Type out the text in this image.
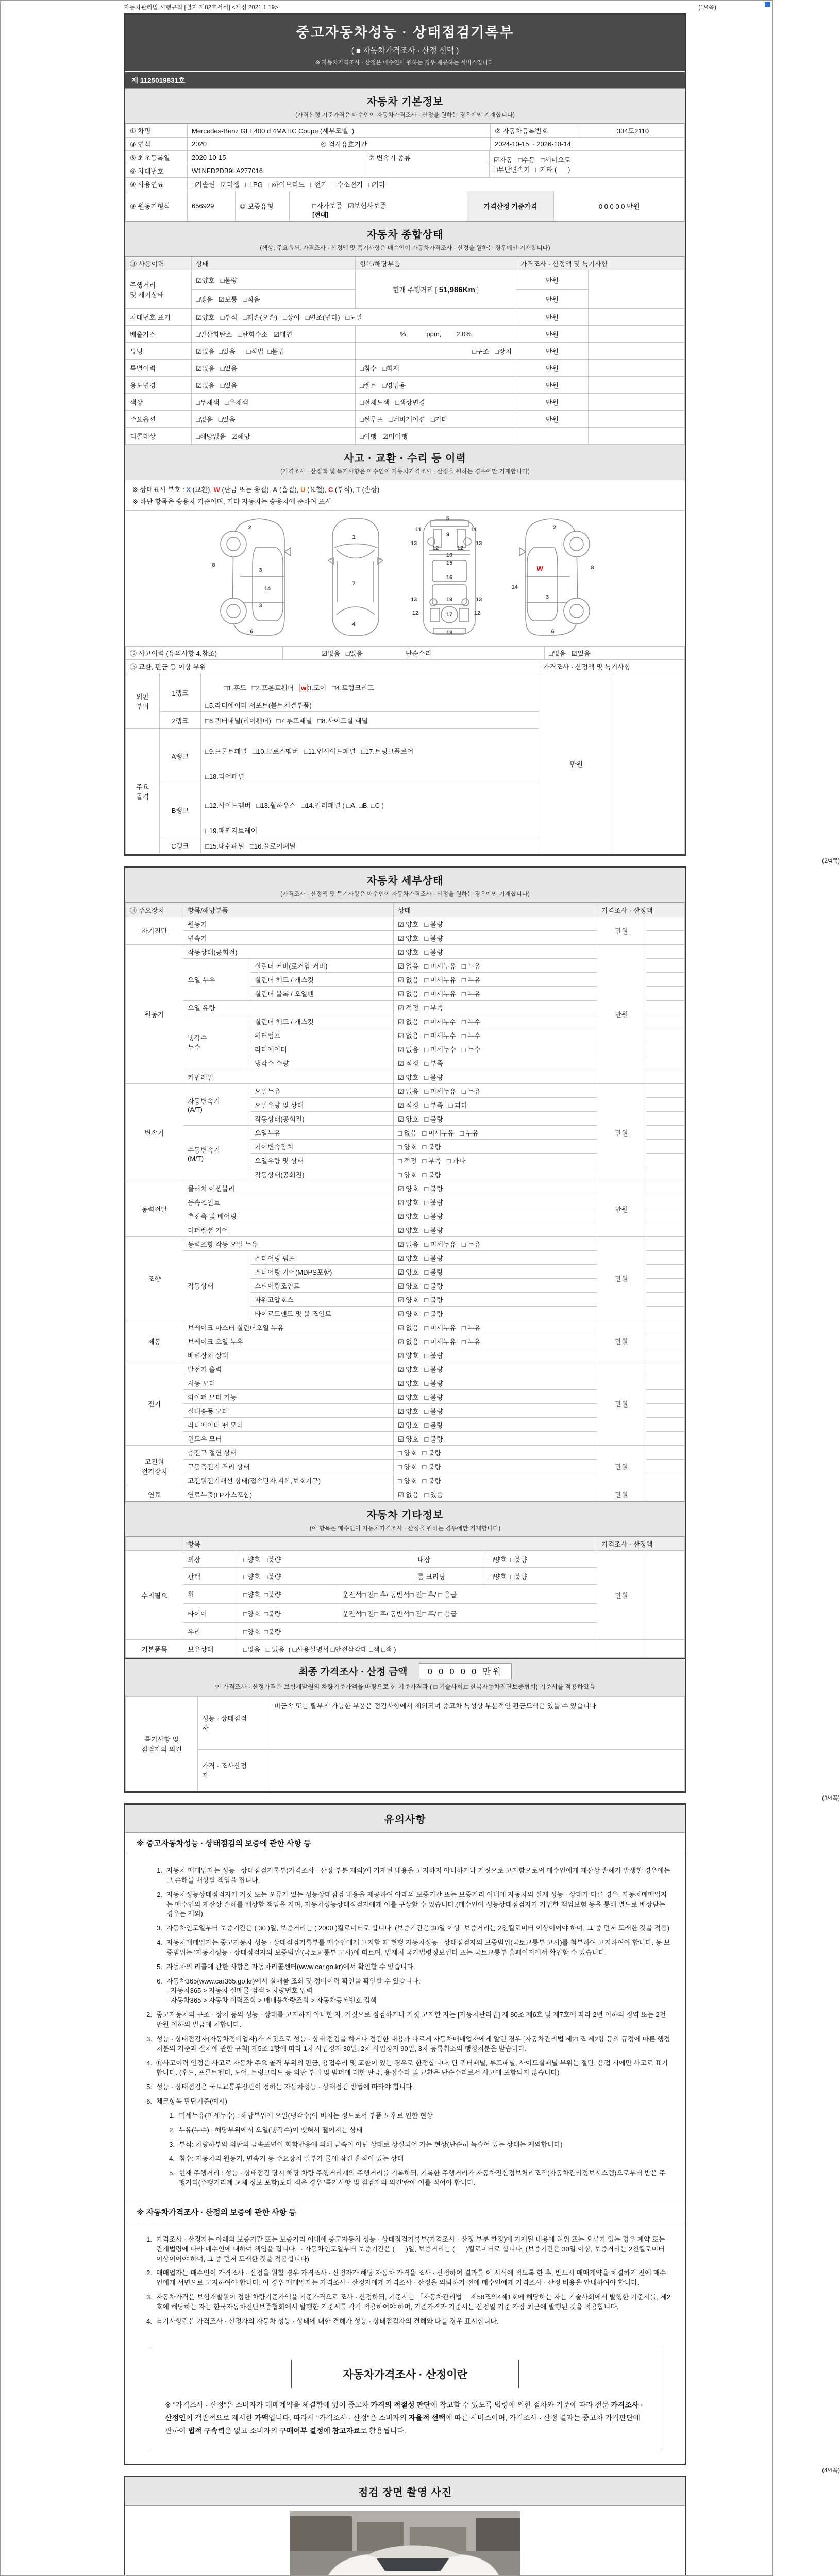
자동차관리법 시행규칙 [별지 제82호서식] <개정 2021.1.19>	(1/4쪽)
중고자동차성능 · 상태점검기록부
( ■ 자동차가격조사 · 산정 선택 )
※ 자동차가격조사 · 산정은 매수인이 원하는 경우 제공하는 서비스입니다.
제 1125019831호
자동차 기본정보
(가격산정 기준가격은 매수인이 자동차가격조사 · 산정을 원하는 경우에만 기재합니다)
① 차명	Mercedes-Benz GLE400 d 4MATIC Coupe (세부모델: )	② 자동차등록번호	334도2110
③ 연식	2020	④ 검사유효기간	2024-10-15 ~ 2026-10-14
⑤ 최초등록일	2020-10-15	⑦ 변속기 종류	☑자동   □수동   □세미오토
□무단변속기   □기타 (      )
⑥ 차대번호	W1NFD2DB9LA277016		
⑧ 사용연료	□가솔린   ☑디젤   □LPG   □하이브리드   □전기   □수소전기   □기타
⑨ 원동기형식	656929	⑩ 보증유형	□자가보증   ☑보험사보증
[현대]	가격산정 기준가격	0 0 0 0 0 만원
자동차 종합상태
(색상, 주요옵션, 가격조사 · 산정액 및 특기사항은 매수인이 자동차가격조사 · 산정을 원하는 경우에만 기재합니다)
⑪ 사용이력	상태	항목/해당부품	가격조사 · 산정액 및 특기사항	
주행거리
및 계기상태	☑양호   □불량	현재 주행거리 [ 51,986Km ]	만원	
	□많음   ☑보통   □적음		만원	
차대번호 표기	☑양호   □부식   □훼손(오손)   □상이   □변조(변타)   □도말		만원	
배출가스	□일산화탄소   □탄화수소   ☑매연	%,          ppm,        2.0%	만원	
튜닝	☑없음  □있음      □적법  □불법	□구조   □장치	만원	
특별이력	☑없음   □있음	□침수   □화재	만원	
용도변경	☑없음   □있음	□렌트   □영업용	만원	
색상	□무채색   □유채색	□전체도색   □색상변경	만원	
주요옵션	□없음   □있음	□썬루프   □네비게이션   □기타	만원	
리콜대상	□해당없음   ☑해당	□이행   ☑미이행		
사고 · 교환 · 수리 등 이력
(가격조사 · 산정액 및 특기사항은 매수인이 자동차가격조사 · 산정을 원하는 경우에만 기재합니다)
※ 상태표시 부호 : X (교환), W (판금 또는 용접), A (흠집), U (요철), C (부식), T (손상)
※ 하단 항목은 승용차 기준이며, 기타 자동차는 승용차에 준하여 표시
2
8
3
14
3
6
1
7
4
5
11	11
9
13	13
12	12
10
15
16
19
13	13
12	12
17
18
2
W	8
14
3
6
⑫ 사고이력 (유의사항 4.참조)	☑없음   □있음	단순수리	□없음   ☑있음
⑬ 교환, 판금 등 이상 부위			가격조사 · 산정액 및 특기사항	
외판
부위	1랭크	□1.후드   □2.프론트휀더   w 3.도어   □4.트렁크리드

□5.라디에이터 서포트(볼트체결부품)	만원	
	2랭크	□6.쿼터패널(리어휀더)   □7.루프패널   □8.사이드실 패널		
주요
골격	A랭크	

□9.프론트패널   □10.크로스멤버   □11.인사이드패널   □17.트렁크플로어

□18.리어패널

	B랭크	□12.사이드멤버   □13.휠하우스   □14.필러패널 ( □A, □B, □C )

□19.패키지트레이		

	C랭크	□15.대쉬패널   □16.플로어패널		
(2/4쪽)
자동차 세부상태
(가격조사 · 산정액 및 특기사항은 매수인이 자동차가격조사 · 산정을 원하는 경우에만 기재합니다)
⑭ 주요장치	항목/해당부품		상태	가격조사 · 산정액	
자기진단	원동기		☑ 양호   □ 불량	만원	
	변속기		☑ 양호   □ 불량		
원동기	작동상태(공회전)		☑ 양호   □ 불량	만원	
	오일 누유	실린더 커버(로커암 커버)	☑ 없음   □ 미세누유   □ 누유		
		실린더 헤드 / 개스킷	☑ 없음   □ 미세누유   □ 누유		
		실린더 블록 / 오일팬	☑ 없음   □ 미세누유   □ 누유		
	오일 유량		☑ 적정   □ 부족		
	냉각수
누수	실린더 헤드 / 개스킷	☑ 없음   □ 미세누수   □ 누수		
		워터펌프	☑ 없음   □ 미세누수   □ 누수		
		라디에이터	☑ 없음   □ 미세누수   □ 누수		
		냉각수 수량	☑ 적정   □ 부족		
	커먼레일		☑ 양호   □ 불량		
변속기	자동변속기
(A/T)	오일누유	☑ 없음   □ 미세누유   □ 누유	만원	
		오일유량 및 상태	☑ 적정   □ 부족   □ 과다		
		작동상태(공회전)	☑ 양호   □ 불량		
	수동변속기
(M/T)	오일누유	□ 없음   □ 미세누유   □ 누유		
		기어변속장치	□ 양호   □ 불량		
		오일유량 및 상태	□ 적정   □ 부족   □ 과다		
		작동상태(공회전)	□ 양호   □ 불량		
동력전달	클러치 어셈블리		☑ 양호   □ 불량	만원	
	등속조인트		☑ 양호   □ 불량		
	추진축 및 베어링		☑ 양호   □ 불량		
	디퍼렌셜 기어		☑ 양호   □ 불량		
조향	동력조향 작동 오일 누유		☑ 없음   □ 미세누유   □ 누유	만원	
	작동상태	스티어링 펌프	☑ 양호   □ 불량		
		스티어링 기어(MDPS포함)	☑ 양호   □ 불량		
		스티어링조인트	☑ 양호   □ 불량		
		파워고압호스	☑ 양호   □ 불량		
		타이로드엔드 및 볼 조인트	☑ 양호   □ 불량		
제동	브레이크 마스터 실린더오일 누유		☑ 없음   □ 미세누유   □ 누유	만원	
	브레이크 오일 누유		☑ 없음   □ 미세누유   □ 누유		
	배력장치 상태		☑ 양호   □ 불량		
전기	발전기 출력		☑ 양호   □ 불량	만원	
	시동 모터		☑ 양호   □ 불량		
	와이퍼 모터 기능		☑ 양호   □ 불량		
	실내송풍 모터		☑ 양호   □ 불량		
	라디에이터 팬 모터		☑ 양호   □ 불량		
	윈도우 모터		☑ 양호   □ 불량		
고전원
전기장치	충전구 절연 상태		□ 양호   □ 불량	만원	
	구동축전지 격리 상태		□ 양호   □ 불량		
	고전원전기배선 상태(접속단자,피복,보호기구)		□ 양호   □ 불량		
연료	연료누출(LP가스포함)		☑ 없음   □ 있음	만원	
자동차 기타정보
(이 항목은 매수인이 자동차가격조사 · 산정을 원하는 경우에만 기재합니다)
	항목					가격조사 · 산정액	
수리필요	외장	□양호  □불량		내장	□양호  □불량	만원	
	광택	□양호  □불량		룸 크리닝	□양호  □불량		
	휠	□양호  □불량	운전석□ 전□ 후/ 동반석□ 전□ 후/ □ 응급				
	타이어	□양호  □불량	운전석□ 전□ 후/ 동반석□ 전□ 후/ □ 응급				
	유리	□양호  □불량					
기본품목	보유상태	□없음   □ 있음  ( □사용설명서 □안전삼각대 □잭 □잭 )					
최종 가격조사 · 산정 금액 0 0 0 0 0 만원
이 가격조사 · 산정가격은 보험개발원의 차량기준가액을 바탕으로 한 기준가격과 ( □ 기술사회,□ 한국자동차진단보증협회) 기준서를 적용하였음
특기사항 및
점검자의 의견	성능 · 상태점검
자	비금속 또는 탈부착 가능한 부품은 점검사항에서 제외되며 중고차 특성상 부분적인 판금도색은 있을 수 있습니다.
	가격 · 조사산정
자	
(3/4쪽)
유의사항
※ 중고자동차성능 · 상태점검의 보증에 관한 사항 등
1. 자동차 매매업자는 성능 · 상태점검기록부(가격조사 · 산정 부분 제외)에 기재된 내용을 고지하지 아니하거나 거짓으로 고지함으로써 매수인에게 재산상 손해가 발생한 경우에는 그 손해를 배상할 책임을 집니다.
2. 자동차성능상태점검자가 거짓 또는 오류가 있는 성능상태점검 내용을 제공하여 아래의 보증기간 또는 보증거리 이내에 자동차의 실제 성능 · 상태가 다른 경우, 자동차매매업자는 매수인의 재산상 손해를 배상할 책임을 지며, 자동차성능상태점검자에게 이를 구상할 수 있습니다.(매수인이 성능상태점검자가 가입한 책임보험 등을 통해 별도로 배상받는 경우는 제외)
3. 자동차인도일부터 보증기간은 ( 30 )일, 보증거리는 ( 2000 )킬로미터로 합니다. (보증기간은 30일 이상, 보증거리는 2천킬로미터 이상이어야 하며, 그 중 먼저 도래한 것을 적용)
4. 자동차매매업자는 중고자동차 성능 · 상태점검기록부를 매수인에게 고지할 때 현행 자동차성능 · 상태점검자의 보증범위(국토교통부 고시)를 첨부하여 고지하여야 합니다. 동 보증범위는 '자동차성능 · 상태점검자의 보증범위'(국토교통부 고시)에 따르며, 법제처 국가법령정보센터 또는 국토교통부 홈페이지에서 확인할 수 있습니다.
5. 자동차의 리콜에 관한 사항은 자동차리콜센터(www.car.go.kr)에서 확인할 수 있습니다.
6. 자동차365(www.car365.go.kr)에서 실매물 조회 및 정비이력 확인을 확인할 수 있습니다.
- 자동차365 > 자동차 실매물 검색 > 차량번호 입력
- 자동차365 > 자동차 이력조회 > 매매용차량조회 > 자동차등록번호 검색
2. 중고자동차의 구조 · 장치 등의 성능 · 상태를 고지하지 아니한 자, 거짓으로 점검하거나 거짓 고지한 자는 [자동차관리법] 제 80조 제6호 및 제7호에 따라 2년 이하의 징역 또는 2천만원 이하의 벌금에 처합니다.
3. 성능 · 상태점검자(자동차정비업자)가 거짓으로 성능 · 상태 점검을 하거나 점검한 내용과 다르게 자동차매매업자에게 알린 경우 [자동차관리법 제21조 제2항 등의 규정에 따른 행정처분의 기준과 절차에 관한 규칙] 제5조 1항에 따라 1차 사업정지 30일, 2차 사업정지 90일, 3차 등록취소의 행정처분을 받습니다.
4. ⑫사고이력 인정은 사고로 자동차 주요 골격 부위의 판금, 용접수리 및 교환이 있는 경우로 한정합니다. 단 쿼터패널, 루프패널, 사이드실패널 부위는 절단, 용접 시에만 사고로 표기합니다. (후드, 프론트펜더, 도어, 트렁크리드 등 외판 부위 및 범퍼에 대한 판금, 용접수리 및 교환은 단순수리로서 사고에 포함되지 않습니다)
5. 성능 · 상태점검은 국토교통부장관이 정하는 자동차성능 · 상태점검 방법에 따라야 합니다.
6. 체크항목 판단기준(예시)
1. 미세누유(미세누수) : 해당부위에 오일(냉각수)이 비치는 정도로서 부품 노후로 인한 현상
2. 누유(누수) : 해당부위에서 오일(냉각수)이 맺혀서 떨어지는 상태
3. 부식: 차량하부와 외판의 금속표면이 화학반응에 의해 금속이 아닌 상태로 상실되어 가는 현상(단순히 녹슬어 있는 상태는 제외합니다)
4. 침수: 자동차의 원동기, 변속기 등 주요장치 일부가 물에 잠긴 흔적이 있는 상태
5. 현재 주행거리 : 성능 · 상태점검 당시 해당 차량 주행거리계의 주행거리를 기록하되, 기록한 주행거리가 자동차전산정보처리조직(자동차관리정보시스템)으로부터 받은 주행거리(주행거리계 교체 정보 포함)보다 적은 경우 '특기사항 및 점검자의 의견'란에 이를 적어야 합니다.
※ 자동차가격조사 · 산정의 보증에 관한 사항 등
1. 가격조사 · 산정자는 아래의 보증기간 또는 보증거리 이내에 중고자동차 성능 · 상태점검기록부(가격조사 · 산정 부분 한정)에 기재된 내용에 허위 또는 오류가 있는 경우 계약 또는 관계법령에 따라 매수인에 대하여 책임을 집니다.  · 자동차인도일부터 보증기간은 (      )일, 보증거리는 (      )킬로미터로 합니다. (보증기간은 30일 이상, 보증거리는 2천킬로미터 이상이어야 하며, 그 중 먼저 도래한 것을 적용합니다)
2. 매매업자는 매수인이 가격조사 · 산정을 원할 경우 가격조사 · 산정자가 해당 자동차 가격을 조사 · 산정하여 결과를 이 서식에 적도록 한 후, 반드시 매매계약을 체결하기 전에 매수인에게 서면으로 고지하여야 합니다. 이 경우 매매업자는 가격조사 · 산정자에게 가격조사 · 산정을 의뢰하기 전에 매수인에게 가격조사 · 산정 비용을 안내하여야 합니다.
3. 자동차가격은 보험개발원이 정한 차량기준가액을 기준가격으로 조사 · 산정하되, 기준서는 「자동차관리법」 제58조의4제1호에 해당하는 자는 기술사회에서 발행한 기준서를, 제2호에 해당하는 자는 한국자동차진단보증협회에서 발행한 기준서를 각각 적용하여야 하며, 기준가격과 기준서는 산정일 기준 가장 최근에 발행된 것을 적용합니다.
4. 특기사항란은 가격조사 · 산정자의 자동차 성능 · 상태에 대한 견해가 성능 · 상태점검자의 견해와 다를 경우 표시합니다.
자동차가격조사 · 산정이란
※ "가격조사 · 산정"은 소비자가 매매계약을 체결함에 있어 중고차 가격의 적절성 판단에 참고할 수 있도록 법령에 의한 절차와 기준에 따라 전문 가격조사 · 산정인이 객관적으로 제시한 가액입니다. 따라서 "가격조사 · 산정"은 소비자의 자율적 선택에 따른 서비스이며, 가격조사 · 산정 결과는 중고차 가격판단에 관하여 법적 구속력은 없고 소비자의 구매여부 결정에 참고자료로 활용됩니다.
(4/4쪽)
점검 장면 촬영 사진
